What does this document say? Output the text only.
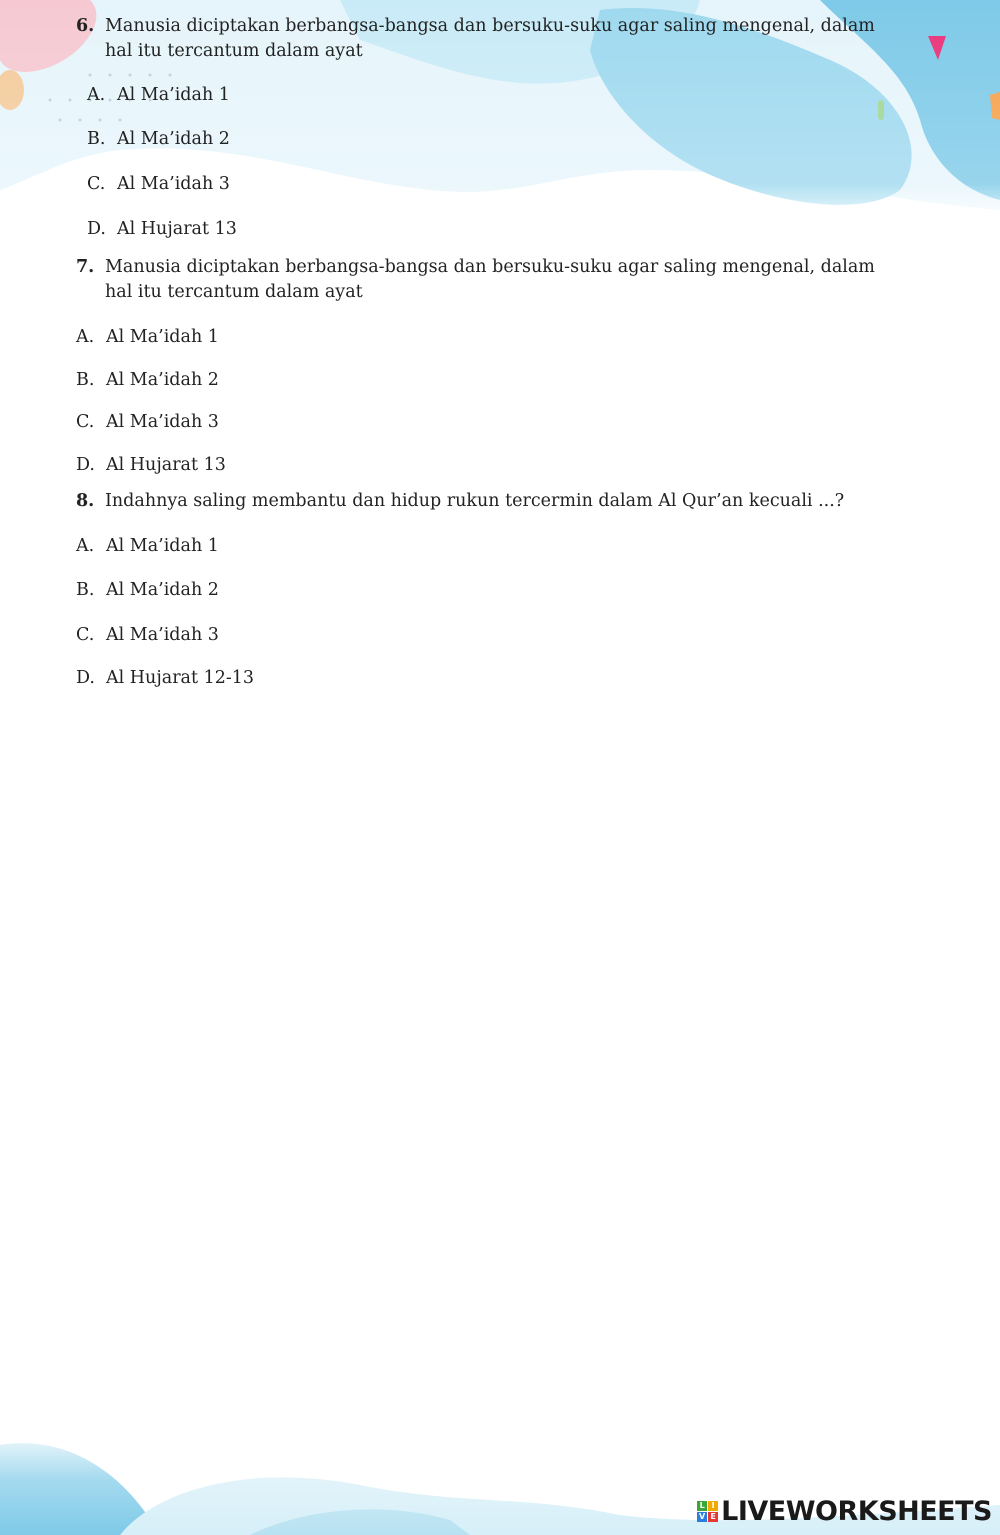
6. Manusia diciptakan berbangsa-bangsa dan bersuku-suku agar saling mengenal, dalam hal itu tercantum dalam ayat
A. Al Ma’idah 1
B. Al Ma’idah 2
C. Al Ma’idah 3
D. Al Hujarat 13
7. Manusia diciptakan berbangsa-bangsa dan bersuku-suku agar saling mengenal, dalam hal itu tercantum dalam ayat
A. Al Ma’idah 1
B. Al Ma’idah 2
C. Al Ma’idah 3
D. Al Hujarat 13
8. Indahnya saling membantu dan hidup rukun tercermin dalam Al Qur’an kecuali ...?
A. Al Ma’idah 1
B. Al Ma’idah 2
C. Al Ma’idah 3
D. Al Hujarat 12-13
L I
V E LIVEWORKSHEETS
